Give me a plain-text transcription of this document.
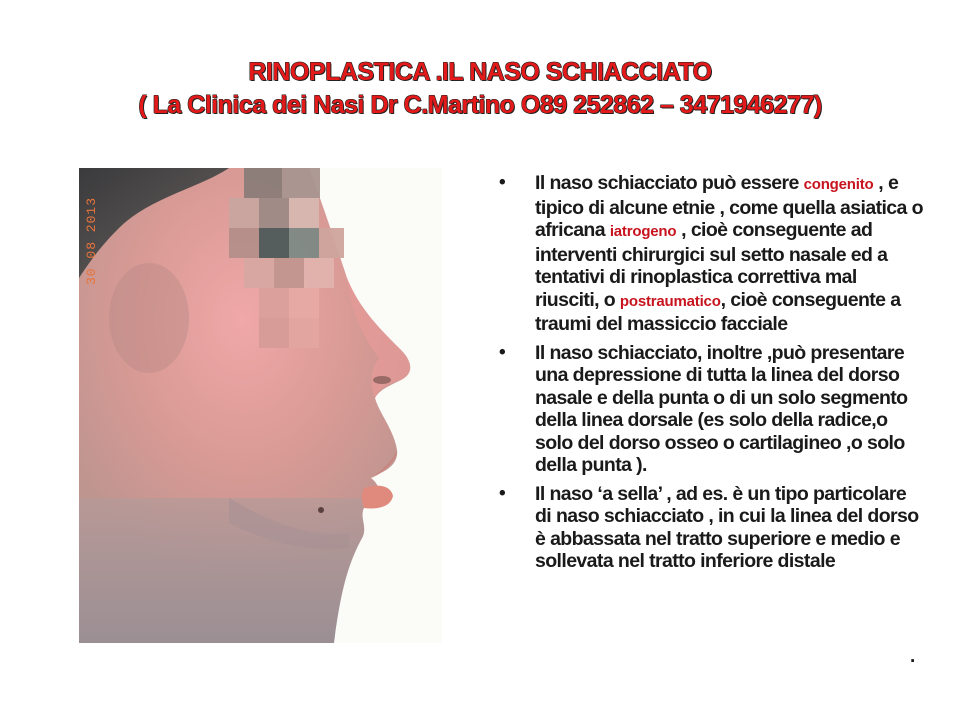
RINOPLASTICA .IL NASO SCHIACCIATO
( La Clinica dei Nasi Dr C.Martino O89 252862 – 3471946277)
30 08 2013
• Il naso schiacciato può essere congenito , e tipico di alcune etnie , come quella asiatica o africana iatrogeno , cioè conseguente ad interventi chirurgici sul setto nasale ed a tentativi di rinoplastica correttiva mal riusciti, o postraumatico, cioè conseguente a traumi del massiccio facciale
• Il naso schiacciato, inoltre ,può presentare una depressione di tutta la linea del dorso nasale e della punta o di un solo segmento della linea dorsale (es solo della radice,o solo del dorso osseo o cartilagineo ,o solo della punta ).
• Il naso ‘a sella’ , ad es. è un tipo particolare di naso schiacciato , in cui la linea del dorso è abbassata nel tratto superiore e medio e sollevata nel tratto inferiore distale
.
